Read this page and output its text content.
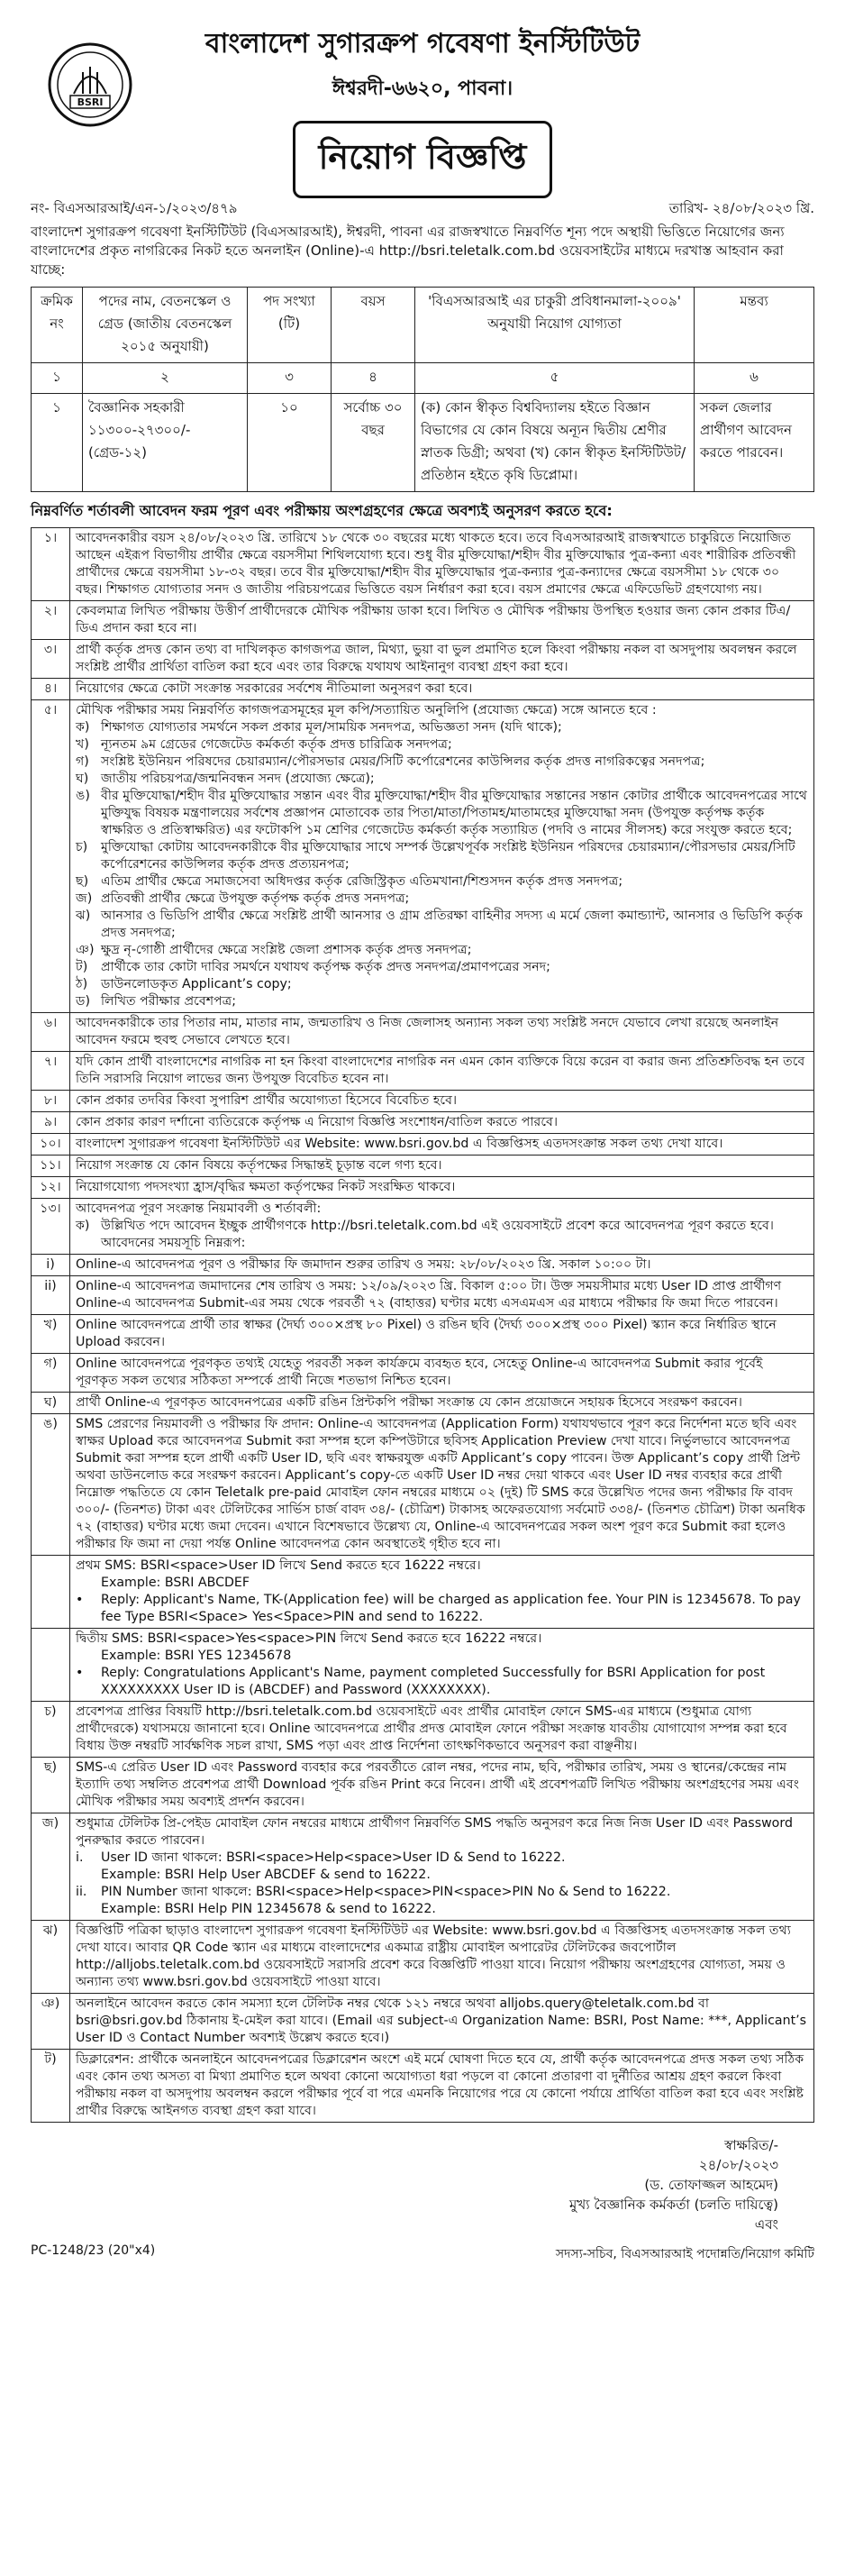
BSRI
বাংলাদেশ সুগারক্রপ গবেষণা ইনস্টিটিউট
ঈশ্বরদী-৬৬২০, পাবনা।
নিয়োগ বিজ্ঞপ্তি
নং- বিএসআরআই/এন-১/২০২৩/৪৭৯	তারিখ- ২৪/০৮/২০২৩ খ্রি.
বাংলাদেশ সুগারক্রপ গবেষণা ইনস্টিটিউট (বিএসআরআই), ঈশ্বরদী, পাবনা এর রাজস্বখাতে নিম্নবর্ণিত শূন্য পদে অস্থায়ী ভিত্তিতে নিয়োগের জন্য বাংলাদেশের প্রকৃত নাগরিকের নিকট হতে অনলাইন (Online)-এ http://bsri.teletalk.com.bd ওয়েবসাইটের মাধ্যমে দরখাস্ত আহবান করা যাচ্ছে:
ক্রমিক নং	পদের নাম, বেতনস্কেল ও গ্রেড (জাতীয় বেতনস্কেল ২০১৫ অনুযায়ী)	পদ সংখ্যা (টি)	বয়স	'বিএসআরআই এর চাকুরী প্রবিধানমালা-২০০৯' অনুযায়ী নিয়োগ যোগ্যতা	মন্তব্য
১	২	৩	৪	৫	৬
১	বৈজ্ঞানিক সহকারী ১১৩০০-২৭৩০০/- (গ্রেড-১২)	১০	সর্বোচ্চ ৩০ বছর	(ক) কোন স্বীকৃত বিশ্ববিদ্যালয় হইতে বিজ্ঞান বিভাগের যে কোন বিষয়ে অন্যূন দ্বিতীয় শ্রেণীর স্নাতক ডিগ্রী; অথবা (খ) কোন স্বীকৃত ইনস্টিটিউট/প্রতিষ্ঠান হইতে কৃষি ডিপ্লোমা।	সকল জেলার প্রার্থীগণ আবেদন করতে পারবেন।
নিম্নবর্ণিত শর্তাবলী আবেদন ফরম পূরণ এবং পরীক্ষায় অংশগ্রহণের ক্ষেত্রে অবশ্যই অনুসরণ করতে হবে:
১।	আবেদনকারীর বয়স ২৪/০৮/২০২৩ খ্রি. তারিখে ১৮ থেকে ৩০ বছরের মধ্যে থাকতে হবে। তবে বিএসআরআই রাজস্বখাতে চাকুরিতে নিয়োজিত আছেন এইরূপ বিভাগীয় প্রার্থীর ক্ষেত্রে বয়সসীমা শিথিলযোগ্য হবে। শুধু বীর মুক্তিযোদ্ধা/শহীদ বীর মুক্তিযোদ্ধার পুত্র-কন্যা এবং শারীরিক প্রতিবন্ধী প্রার্থীদের ক্ষেত্রে বয়সসীমা ১৮-৩২ বছর। তবে বীর মুক্তিযোদ্ধা/শহীদ বীর মুক্তিযোদ্ধার পুত্র-কন্যার পুত্র-কন্যাদের ক্ষেত্রে বয়সসীমা ১৮ থেকে ৩০ বছর। শিক্ষাগত যোগ্যতার সনদ ও জাতীয় পরিচয়পত্রের ভিত্তিতে বয়স নির্ধারণ করা হবে। বয়স প্রমাণের ক্ষেত্রে এফিডেভিট গ্রহণযোগ্য নয়।
২।	কেবলমাত্র লিখিত পরীক্ষায় উত্তীর্ণ প্রার্থীদেরকে মৌখিক পরীক্ষায় ডাকা হবে। লিখিত ও মৌখিক পরীক্ষায় উপস্থিত হওয়ার জন্য কোন প্রকার টিএ/ডিএ প্রদান করা হবে না।
৩।	প্রার্থী কর্তৃক প্রদত্ত কোন তথ্য বা দাখিলকৃত কাগজপত্র জাল, মিথ্যা, ভুয়া বা ভুল প্রমাণিত হলে কিংবা পরীক্ষায় নকল বা অসদুপায় অবলম্বন করলে সংশ্লিষ্ট প্রার্থীর প্রার্থিতা বাতিল করা হবে এবং তার বিরুদ্ধে যথাযথ আইনানুগ ব্যবস্থা গ্রহণ করা হবে।
৪।	নিয়োগের ক্ষেত্রে কোটা সংক্রান্ত সরকারের সর্বশেষ নীতিমালা অনুসরণ করা হবে।
৫।	মৌখিক পরীক্ষার সময় নিম্নবর্ণিত কাগজপত্রসমূহের মূল কপি/সত্যায়িত অনুলিপি (প্রযোজ্য ক্ষেত্রে) সঙ্গে আনতে হবে :
ক) শিক্ষাগত যোগ্যতার সমর্থনে সকল প্রকার মূল/সাময়িক সনদপত্র, অভিজ্ঞতা সনদ (যদি থাকে);
খ) ন্যূনতম ৯ম গ্রেডের গেজেটেড কর্মকর্তা কর্তৃক প্রদত্ত চারিত্রিক সনদপত্র;
গ) সংশ্লিষ্ট ইউনিয়ন পরিষদের চেয়ারম্যান/পৌরসভার মেয়র/সিটি কর্পোরেশনের কাউন্সিলর কর্তৃক প্রদত্ত নাগরিকত্বের সনদপত্র;
ঘ) জাতীয় পরিচয়পত্র/জন্মনিবন্ধন সনদ (প্রযোজ্য ক্ষেত্রে);
ঙ) বীর মুক্তিযোদ্ধা/শহীদ বীর মুক্তিযোদ্ধার সন্তান এবং বীর মুক্তিযোদ্ধা/শহীদ বীর মুক্তিযোদ্ধার সন্তানের সন্তান কোটার প্রার্থীকে আবেদনপত্রের সাথে মুক্তিযুদ্ধ বিষয়ক মন্ত্রণালয়ের সর্বশেষ প্রজ্ঞাপন মোতাবেক তার পিতা/মাতা/পিতামহ/মাতামহের মুক্তিযোদ্ধা সনদ (উপযুক্ত কর্তৃপক্ষ কর্তৃক স্বাক্ষরিত ও প্রতিস্বাক্ষরিত) এর ফটোকপি ১ম শ্রেণির গেজেটেড কর্মকর্তা কর্তৃক সত্যায়িত (পদবি ও নামের সীলসহ) করে সংযুক্ত করতে হবে;
চ)	মুক্তিযোদ্ধা কোটায় আবেদনকারীকে বীর মুক্তিযোদ্ধার সাথে সম্পর্ক উল্লেখপূর্বক সংশ্লিষ্ট ইউনিয়ন পরিষদের চেয়ারম্যান/পৌরসভার মেয়র/সিটি কর্পোরেশনের কাউন্সিলর কর্তৃক প্রদত্ত প্রত্যয়নপত্র;
ছ) এতিম প্রার্থীর ক্ষেত্রে সমাজসেবা অধিদপ্তর কর্তৃক রেজিস্ট্রিকৃত এতিমখানা/শিশুসদন কর্তৃক প্রদত্ত সনদপত্র;
জ) প্রতিবন্ধী প্রার্থীর ক্ষেত্রে উপযুক্ত কর্তৃপক্ষ কর্তৃক প্রদত্ত সনদপত্র;
ঝ) আনসার ও ভিডিপি প্রার্থীর ক্ষেত্রে সংশ্লিষ্ট প্রার্থী আনসার ও গ্রাম প্রতিরক্ষা বাহিনীর সদস্য এ মর্মে জেলা কমান্ড্যান্ট, আনসার ও ভিডিপি কর্তৃক প্রদত্ত সনদপত্র;
ঞ) ক্ষুদ্র নৃ-গোষ্ঠী প্রার্থীদের ক্ষেত্রে সংশ্লিষ্ট জেলা প্রশাসক কর্তৃক প্রদত্ত সনদপত্র;
ট)	প্রার্থীকে তার কোটা দাবির সমর্থনে যথাযথ কর্তৃপক্ষ কর্তৃক প্রদত্ত সনদপত্র/প্রমাণপত্রের সনদ;
ঠ)	ডাউনলোডকৃত Applicant’s copy;
ড) লিখিত পরীক্ষার প্রবেশপত্র;
৬।	আবেদনকারীকে তার পিতার নাম, মাতার নাম, জন্মতারিখ ও নিজ জেলাসহ অন্যান্য সকল তথ্য সংশ্লিষ্ট সনদে যেভাবে লেখা রয়েছে অনলাইন আবেদন ফরমে হুবহু সেভাবে লেখতে হবে।
৭।	যদি কোন প্রার্থী বাংলাদেশের নাগরিক না হন কিংবা বাংলাদেশের নাগরিক নন এমন কোন ব্যক্তিকে বিয়ে করেন বা করার জন্য প্রতিশ্রুতিবদ্ধ হন তবে তিনি সরাসরি নিয়োগ লাভের জন্য উপযুক্ত বিবেচিত হবেন না।
৮।	কোন প্রকার তদবির কিংবা সুপারিশ প্রার্থীর অযোগ্যতা হিসেবে বিবেচিত হবে।
৯।	কোন প্রকার কারণ দর্শানো ব্যতিরেকে কর্তৃপক্ষ এ নিয়োগ বিজ্ঞপ্তি সংশোধন/বাতিল করতে পারবে।
১০।	বাংলাদেশ সুগারক্রপ গবেষণা ইনস্টিটিউট এর Website: www.bsri.gov.bd এ বিজ্ঞপ্তিসহ এতদসংক্রান্ত সকল তথ্য দেখা যাবে।
১১।	নিয়োগ সংক্রান্ত যে কোন বিষয়ে কর্তৃপক্ষের সিদ্ধান্তই চূড়ান্ত বলে গণ্য হবে।
১২।	নিয়োগযোগ্য পদসংখ্যা হ্রাস/বৃদ্ধির ক্ষমতা কর্তৃপক্ষের নিকট সংরক্ষিত থাকবে।
১৩।	আবেদনপত্র পূরণ সংক্রান্ত নিয়মাবলী ও শর্তাবলী:
ক) উল্লিখিত পদে আবেদন ইচ্ছুক প্রার্থীগণকে http://bsri.teletalk.com.bd এই ওয়েবসাইটে প্রবেশ করে আবেদনপত্র পূরণ করতে হবে। আবেদনের সময়সূচি নিম্নরূপ:
i)	Online-এ আবেদনপত্র পূরণ ও পরীক্ষার ফি জমাদান শুরুর তারিখ ও সময়: ২৮/০৮/২০২৩ খ্রি. সকাল ১০:০০ টা।
ii)	Online-এ আবেদনপত্র জমাদানের শেষ তারিখ ও সময়: ১২/০৯/২০২৩ খ্রি. বিকাল ৫:০০ টা। উক্ত সময়সীমার মধ্যে User ID প্রাপ্ত প্রার্থীগণ Online-এ আবেদনপত্র Submit-এর সময় থেকে পরবর্তী ৭২ (বাহাত্তর) ঘণ্টার মধ্যে এসএমএস এর মাধ্যমে পরীক্ষার ফি জমা দিতে পারবেন।
খ)	Online আবেদনপত্রে প্রার্থী তার স্বাক্ষর (দৈর্ঘ্য ৩০০×প্রস্থ ৮০ Pixel) ও রঙিন ছবি (দৈর্ঘ্য ৩০০×প্রস্থ ৩০০ Pixel) স্ক্যান করে নির্ধারিত স্থানে Upload করবেন।
গ)	Online আবেদনপত্রে পূরণকৃত তথ্যই যেহেতু পরবর্তী সকল কার্যক্রমে ব্যবহৃত হবে, সেহেতু Online-এ আবেদনপত্র Submit করার পূর্বেই পূরণকৃত সকল তথ্যের সঠিকতা সম্পর্কে প্রার্থী নিজে শতভাগ নিশ্চিত হবেন।
ঘ)	প্রার্থী Online-এ পূরণকৃত আবেদনপত্রের একটি রঙিন প্রিন্টকপি পরীক্ষা সংক্রান্ত যে কোন প্রয়োজনে সহায়ক হিসেবে সংরক্ষণ করবেন।
ঙ)	SMS প্রেরণের নিয়মাবলী ও পরীক্ষার ফি প্রদান: Online-এ আবেদনপত্র (Application Form) যথাযথভাবে পূরণ করে নির্দেশনা মতে ছবি এবং স্বাক্ষর Upload করে আবেদনপত্র Submit করা সম্পন্ন হলে কম্পিউটারে ছবিসহ Application Preview দেখা যাবে। নির্ভুলভাবে আবেদনপত্র Submit করা সম্পন্ন হলে প্রার্থী একটি User ID, ছবি এবং স্বাক্ষরযুক্ত একটি Applicant’s copy পাবেন। উক্ত Applicant’s copy প্রার্থী প্রিন্ট অথবা ডাউনলোড করে সংরক্ষণ করবেন। Applicant’s copy-তে একটি User ID নম্বর দেয়া থাকবে এবং User ID নম্বর ব্যবহার করে প্রার্থী নিম্নোক্ত পদ্ধতিতে যে কোন Teletalk pre-paid মোবাইল ফোন নম্বরের মাধ্যমে ০২ (দুই) টি SMS করে উল্লেখিত পদের জন্য পরীক্ষার ফি বাবদ ৩০০/- (তিনশত) টাকা এবং টেলিটকের সার্ভিস চার্জ বাবদ ৩৪/- (চৌত্রিশ) টাকাসহ অফেরতযোগ্য সর্বমোট ৩৩৪/- (তিনশত চৌত্রিশ) টাকা অনধিক ৭২ (বাহাত্তর) ঘণ্টার মধ্যে জমা দেবেন। এখানে বিশেষভাবে উল্লেখ্য যে, Online-এ আবেদনপত্রের সকল অংশ পূরণ করে Submit করা হলেও পরীক্ষার ফি জমা না দেয়া পর্যন্ত Online আবেদনপত্র কোন অবস্থাতেই গৃহীত হবে না।
প্রথম SMS: BSRI<space>User ID লিখে Send করতে হবে 16222 নম্বরে।
Example: BSRI ABCDEF
•	Reply: Applicant's Name, TK-(Application fee) will be charged as application fee. Your PIN is 12345678. To pay fee Type BSRI<Space> Yes<Space>PIN and send to 16222.
দ্বিতীয় SMS: BSRI<space>Yes<space>PIN লিখে Send করতে হবে 16222 নম্বরে।
Example: BSRI YES 12345678
•	Reply: Congratulations Applicant's Name, payment completed Successfully for BSRI Application for post XXXXXXXXX User ID is (ABCDEF) and Password (XXXXXXXX).
চ)	প্রবেশপত্র প্রাপ্তির বিষয়টি http://bsri.teletalk.com.bd ওয়েবসাইটে এবং প্রার্থীর মোবাইল ফোনে SMS-এর মাধ্যমে (শুধুমাত্র যোগ্য প্রার্থীদেরকে) যথাসময়ে জানানো হবে। Online আবেদনপত্রে প্রার্থীর প্রদত্ত মোবাইল ফোনে পরীক্ষা সংক্রান্ত যাবতীয় যোগাযোগ সম্পন্ন করা হবে বিধায় উক্ত নম্বরটি সার্বক্ষণিক সচল রাখা, SMS পড়া এবং প্রাপ্ত নির্দেশনা তাৎক্ষণিকভাবে অনুসরণ করা বাঞ্ছনীয়।
ছ)	SMS-এ প্রেরিত User ID এবং Password ব্যবহার করে পরবর্তীতে রোল নম্বর, পদের নাম, ছবি, পরীক্ষার তারিখ, সময় ও স্থানের/কেন্দ্রের নাম ইত্যাদি তথ্য সম্বলিত প্রবেশপত্র প্রার্থী Download পূর্বক রঙিন Print করে নিবেন। প্রার্থী এই প্রবেশপত্রটি লিখিত পরীক্ষায় অংশগ্রহণের সময় এবং মৌখিক পরীক্ষার সময় অবশ্যই প্রদর্শন করবেন।
জ)	শুধুমাত্র টেলিটক প্রি-পেইড মোবাইল ফোন নম্বরের মাধ্যমে প্রার্থীগণ নিম্নবর্ণিত SMS পদ্ধতি অনুসরণ করে নিজ নিজ User ID এবং Password পুনরুদ্ধার করতে পারবেন।
i.	User ID জানা থাকলে: BSRI<space>Help<space>User ID & Send to 16222.
Example: BSRI Help User ABCDEF & send to 16222.
ii.	PIN Number জানা থাকলে: BSRI<space>Help<space>PIN<space>PIN No & Send to 16222.
Example: BSRI Help PIN 12345678 & send to 16222.
ঝ)	বিজ্ঞপ্তিটি পত্রিকা ছাড়াও বাংলাদেশ সুগারক্রপ গবেষণা ইনস্টিটিউট এর Website: www.bsri.gov.bd এ বিজ্ঞপ্তিসহ এতদসংক্রান্ত সকল তথ্য দেখা যাবে। আবার QR Code স্ক্যান এর মাধ্যমে বাংলাদেশের একমাত্র রাষ্ট্রীয় মোবাইল অপারেটর টেলিটকের জবপোর্টাল http://alljobs.teletalk.com.bd ওয়েবসাইটে সরাসরি প্রবেশ করে বিজ্ঞপ্তিটি পাওয়া যাবে। নিয়োগ পরীক্ষায় অংশগ্রহণের যোগ্যতা, সময় ও অন্যান্য তথ্য www.bsri.gov.bd ওয়েবসাইটে পাওয়া যাবে।
ঞ)	অনলাইনে আবেদন করতে কোন সমস্যা হলে টেলিটক নম্বর থেকে ১২১ নম্বরে অথবা alljobs.query@teletalk.com.bd বা bsri@bsri.gov.bd ঠিকানায় ই-মেইল করা যাবে। (Email এর subject-এ Organization Name: BSRI, Post Name: ***, Applicant’s User ID ও Contact Number অবশ্যই উল্লেখ করতে হবে।)
ট)	ডিক্লারেশন: প্রার্থীকে অনলাইনে আবেদনপত্রের ডিক্লারেশন অংশে এই মর্মে ঘোষণা দিতে হবে যে, প্রার্থী কর্তৃক আবেদনপত্রে প্রদত্ত সকল তথ্য সঠিক এবং কোন তথ্য অসত্য বা মিথ্যা প্রমাণিত হলে অথবা কোনো অযোগ্যতা ধরা পড়লে বা কোনো প্রতারণা বা দুর্নীতির আশ্রয় গ্রহণ করলে কিংবা পরীক্ষায় নকল বা অসদুপায় অবলম্বন করলে পরীক্ষার পূর্বে বা পরে এমনকি নিয়োগের পরে যে কোনো পর্যায়ে প্রার্থিতা বাতিল করা হবে এবং সংশ্লিষ্ট প্রার্থীর বিরুদ্ধে আইনগত ব্যবস্থা গ্রহণ করা যাবে।
স্বাক্ষরিত/-
২৪/০৮/২০২৩
(ড. তোফাজ্জল আহমেদ)
মুখ্য বৈজ্ঞানিক কর্মকর্তা (চলতি দায়িত্বে)
এবং
PC-1248/23 (20"x4)	সদস্য-সচিব, বিএসআরআই পদোন্নতি/নিয়োগ কমিটি
